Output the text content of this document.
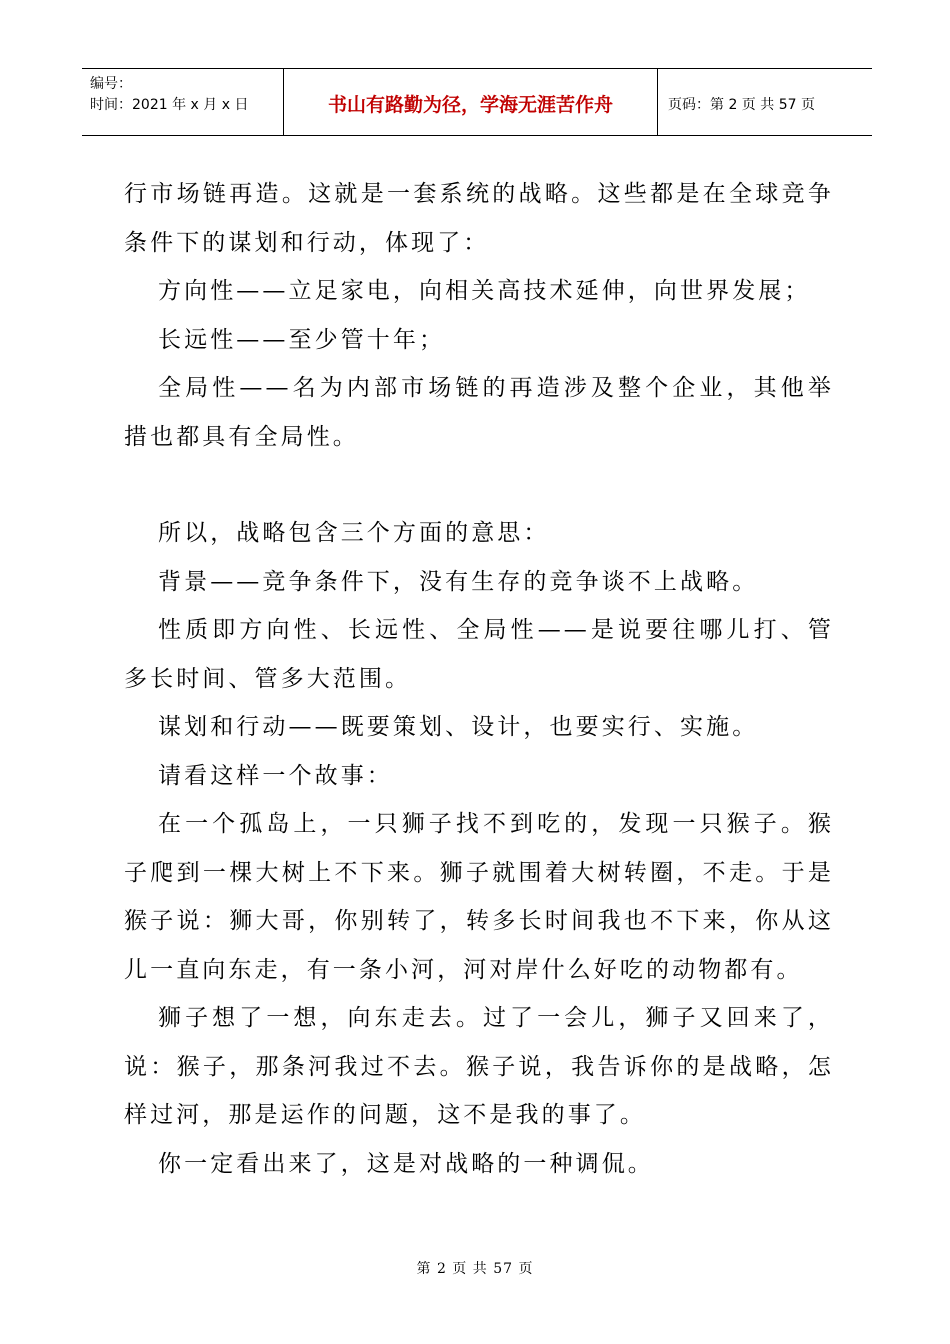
编号：
时间：2021 年 x 月 x 日	书山有路勤为径，学海无涯苦作舟	页码：第 2 页 共 57 页

行市场链再造。这就是一套系统的战略。这些都是在全球竞争条件下的谋划和行动，体现了：

方向性——立足家电，向相关高技术延伸，向世界发展；

长远性——至少管十年；

全局性——名为内部市场链的再造涉及整个企业，其他举措也都具有全局性。

所以，战略包含三个方面的意思：

背景——竞争条件下，没有生存的竞争谈不上战略。

性质即方向性、长远性、全局性——是说要往哪儿打、管多长时间、管多大范围。

谋划和行动——既要策划、设计，也要实行、实施。

请看这样一个故事：

在一个孤岛上，一只狮子找不到吃的，发现一只猴子。猴子爬到一棵大树上不下来。狮子就围着大树转圈，不走。于是猴子说：狮大哥，你别转了，转多长时间我也不下来，你从这儿一直向东走，有一条小河，河对岸什么好吃的动物都有。

狮子想了一想，向东走去。过了一会儿，狮子又回来了，说：猴子，那条河我过不去。猴子说，我告诉你的是战略，怎样过河，那是运作的问题，这不是我的事了。

你一定看出来了，这是对战略的一种调侃。

第 2 页 共 57 页
